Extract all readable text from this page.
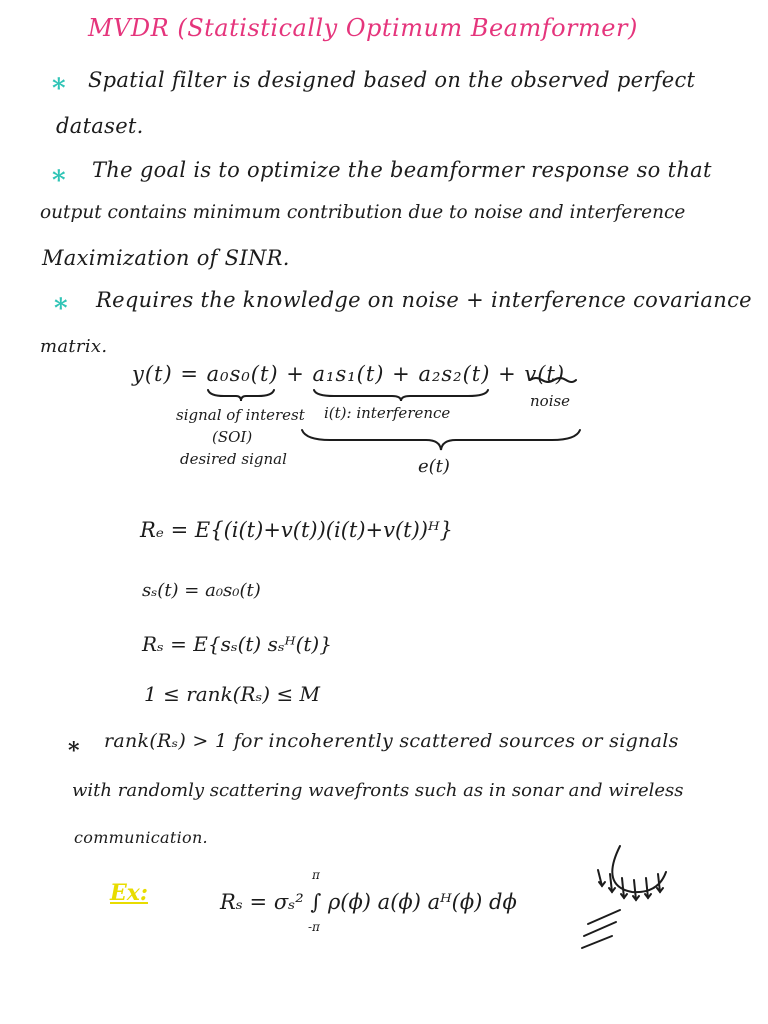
MVDR (Statistically Optimum Beamformer)
* Spatial filter is designed based on the observed perfect
dataset.
* The goal is to optimize the beamformer response so that
output contains minimum contribution due to noise and interference
Maximization of SINR.
* Requires the knowledge on noise + interference covariance
matrix.
y(t) = a₀s₀(t) + a₁s₁(t) + a₂s₂(t) + v(t)
signal of interest
(SOI)
desired signal
i(t): interference
noise
e(t)
Rₑ = E{(i(t)+v(t))(i(t)+v(t))ᴴ}
sₛ(t) = a₀s₀(t)
Rₛ = E{sₛ(t) sₛᴴ(t)}
1 ≤ rank(Rₛ) ≤ M
* rank(Rₛ) > 1 for incoherently scattered sources or signals
with randomly scattering wavefronts such as in sonar and wireless
communication.
Ex:	Rₛ = σₛ² ∫ ρ(ϕ) a(ϕ) aᴴ(ϕ) dϕ
π
-π
